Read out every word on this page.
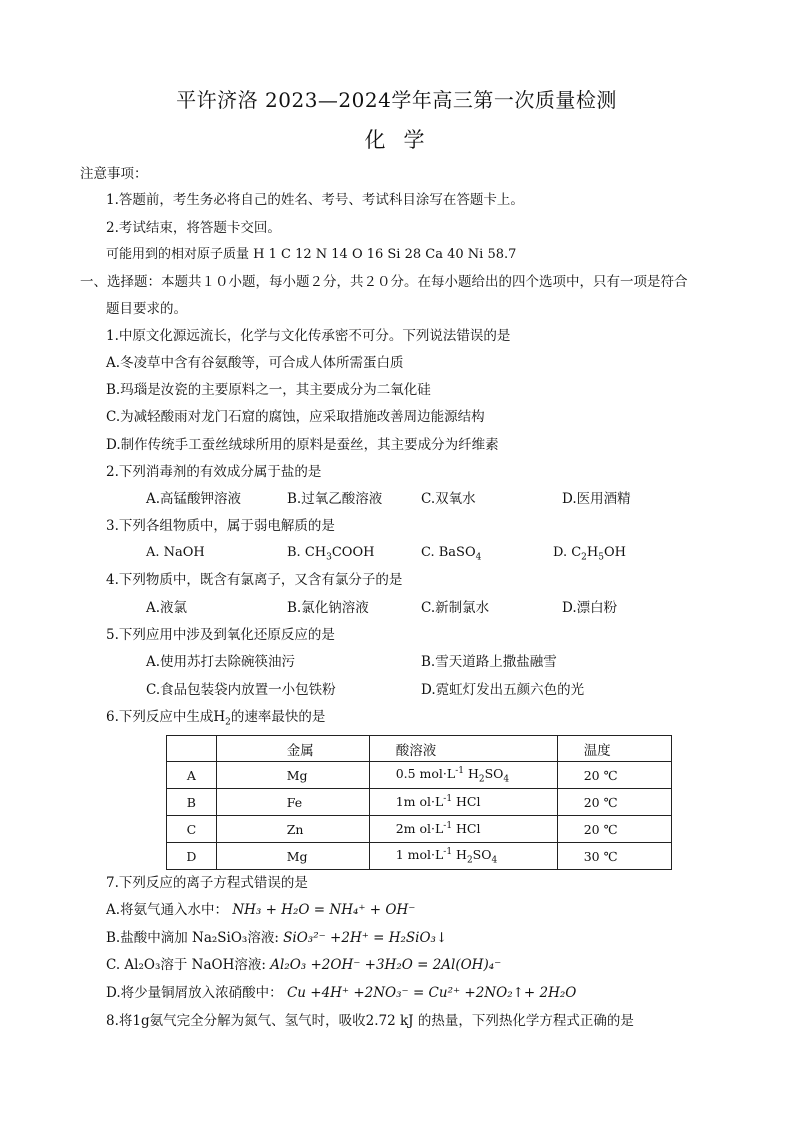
平许济洛 2023—2024学年高三第一次质量检测
化学
注意事项：
1.答题前，考生务必将自己的姓名、考号、考试科目涂写在答题卡上。
2.考试结束，将答题卡交回。
可能用到的相对原子质量 H 1 C 12 N 14 O 16 Si 28 Ca 40 Ni 58.7
一、选择题：本题共１０小题，每小题２分，共２０分。在每小题给出的四个选项中，只有一项是符合
题目要求的。
1.中原文化源远流长，化学与文化传承密不可分。下列说法错误的是
A.冬凌草中含有谷氨酸等，可合成人体所需蛋白质
B.玛瑙是汝瓷的主要原料之一，其主要成分为二氧化硅
C.为减轻酸雨对龙门石窟的腐蚀，应采取措施改善周边能源结构
D.制作传统手工蚕丝绒球所用的原料是蚕丝，其主要成分为纤维素
2.下列消毒剂的有效成分属于盐的是
A.高锰酸钾溶液	B.过氧乙酸溶液	C.双氧水	D.医用酒精
3.下列各组物质中，属于弱电解质的是
A. NaOH	B. $CH_3COOH$	C. BaSO$_4$	D. $C_2H_5OH$
4.下列物质中，既含有氯离子，又含有氯分子的是
A.液氯	B.氯化钠溶液	C.新制氯水	D.漂白粉
5.下列应用中涉及到氧化还原反应的是
A.使用苏打去除碗筷油污	B.雪天道路上撒盐融雪
C.食品包装袋内放置一小包铁粉	D.霓虹灯发出五颜六色的光
6.下列反应中生成$H_2$的速率最快的是
	金属	酸溶液	温度
A	Mg	0.5 $mol\cdot L^{-1}$ $H_2SO_4$	20 ℃
B	Fe	1m $ol\cdot L^{-1}$ HCl	20 ℃
C	Zn	2m $ol\cdot L^{-1}$ HCl	20 ℃
D	Mg	1 $mol\cdot L^{-1}$ $H_2SO_4$	30 ℃
7.下列反应的离子方程式错误的是
A.将氨气通入水中： NH₃ + H₂O = NH₄⁺ + OH⁻
B.盐酸中滴加 Na₂SiO₃溶液: SiO₃²⁻ +2H⁺ = H₂SiO₃↓
C. Al₂O₃溶于 NaOH溶液: Al₂O₃ +2OH⁻ +3H₂O = 2Al(OH)₄⁻
D.将少量铜屑放入浓硝酸中： Cu +4H⁺ +2NO₃⁻ = Cu²⁺ +2NO₂↑+ 2H₂O
8.将1g氨气完全分解为氮气、氢气时，吸收2.72 kJ 的热量，下列热化学方程式正确的是
